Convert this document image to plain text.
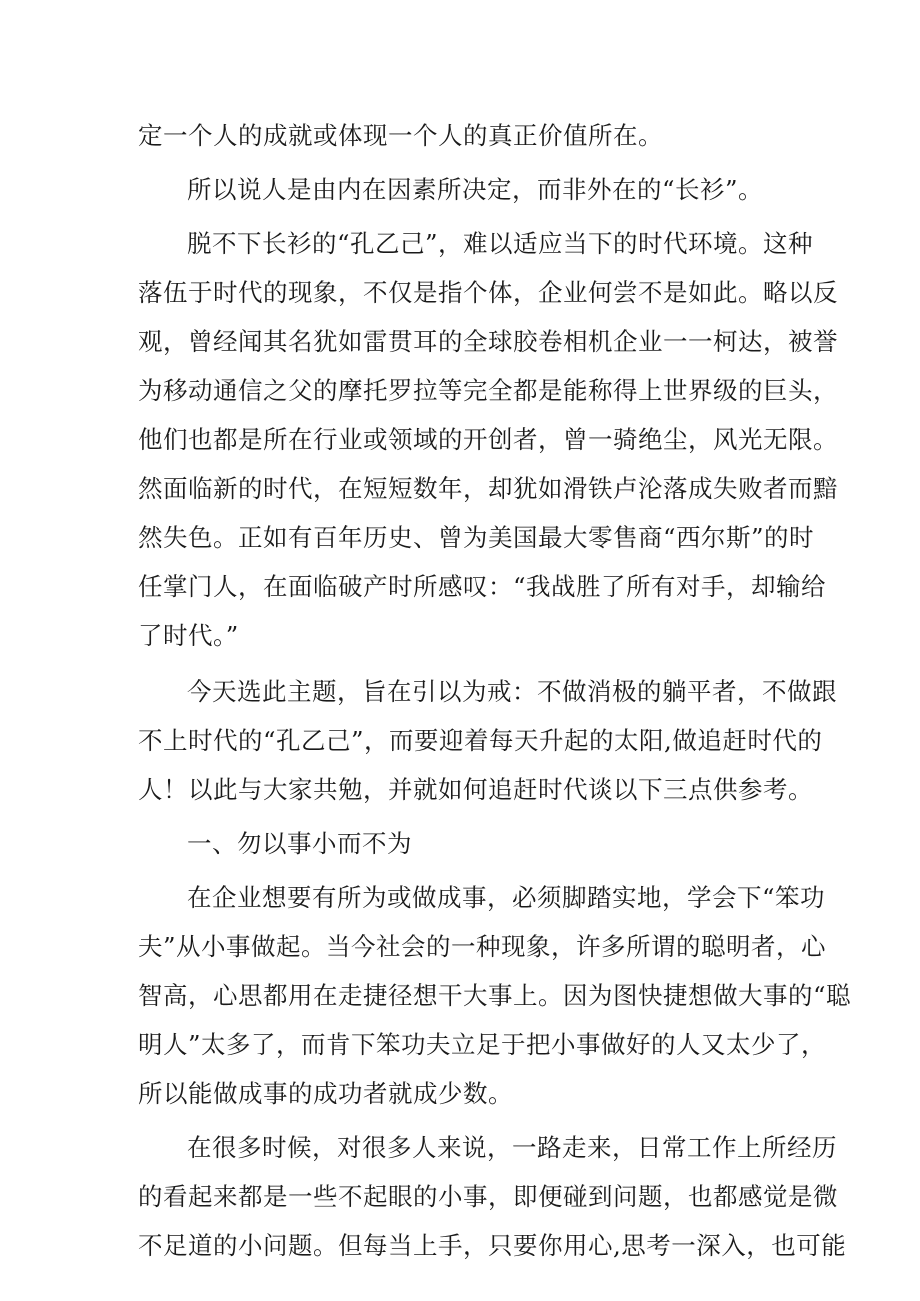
定一个人的成就或体现一个人的真正价值所在。
所以说人是由内在因素所决定，而非外在的“长衫”。
脱不下长衫的“孔乙己”，难以适应当下的时代环境。这种
落伍于时代的现象，不仅是指个体，企业何尝不是如此。略以反
观，曾经闻其名犹如雷贯耳的全球胶卷相机企业一一柯达，被誉
为移动通信之父的摩托罗拉等完全都是能称得上世界级的巨头，
他们也都是所在行业或领域的开创者，曾一骑绝尘，风光无限。
然面临新的时代，在短短数年，却犹如滑铁卢沦落成失败者而黯
然失色。正如有百年历史、曾为美国最大零售商“西尔斯”的时
任掌门人，在面临破产时所感叹：“我战胜了所有对手，却输给
了时代。”
今天选此主题，旨在引以为戒：不做消极的躺平者，不做跟
不上时代的“孔乙己”，而要迎着每天升起的太阳,做追赶时代的
人！以此与大家共勉，并就如何追赶时代谈以下三点供参考。
一、勿以事小而不为
在企业想要有所为或做成事，必须脚踏实地，学会下“笨功
夫”从小事做起。当今社会的一种现象，许多所谓的聪明者，心
智高，心思都用在走捷径想干大事上。因为图快捷想做大事的“聪
明人”太多了，而肯下笨功夫立足于把小事做好的人又太少了，
所以能做成事的成功者就成少数。
在很多时候，对很多人来说，一路走来，日常工作上所经历
的看起来都是一些不起眼的小事，即便碰到问题，也都感觉是微
不足道的小问题。但每当上手，只要你用心,思考一深入，也可能
